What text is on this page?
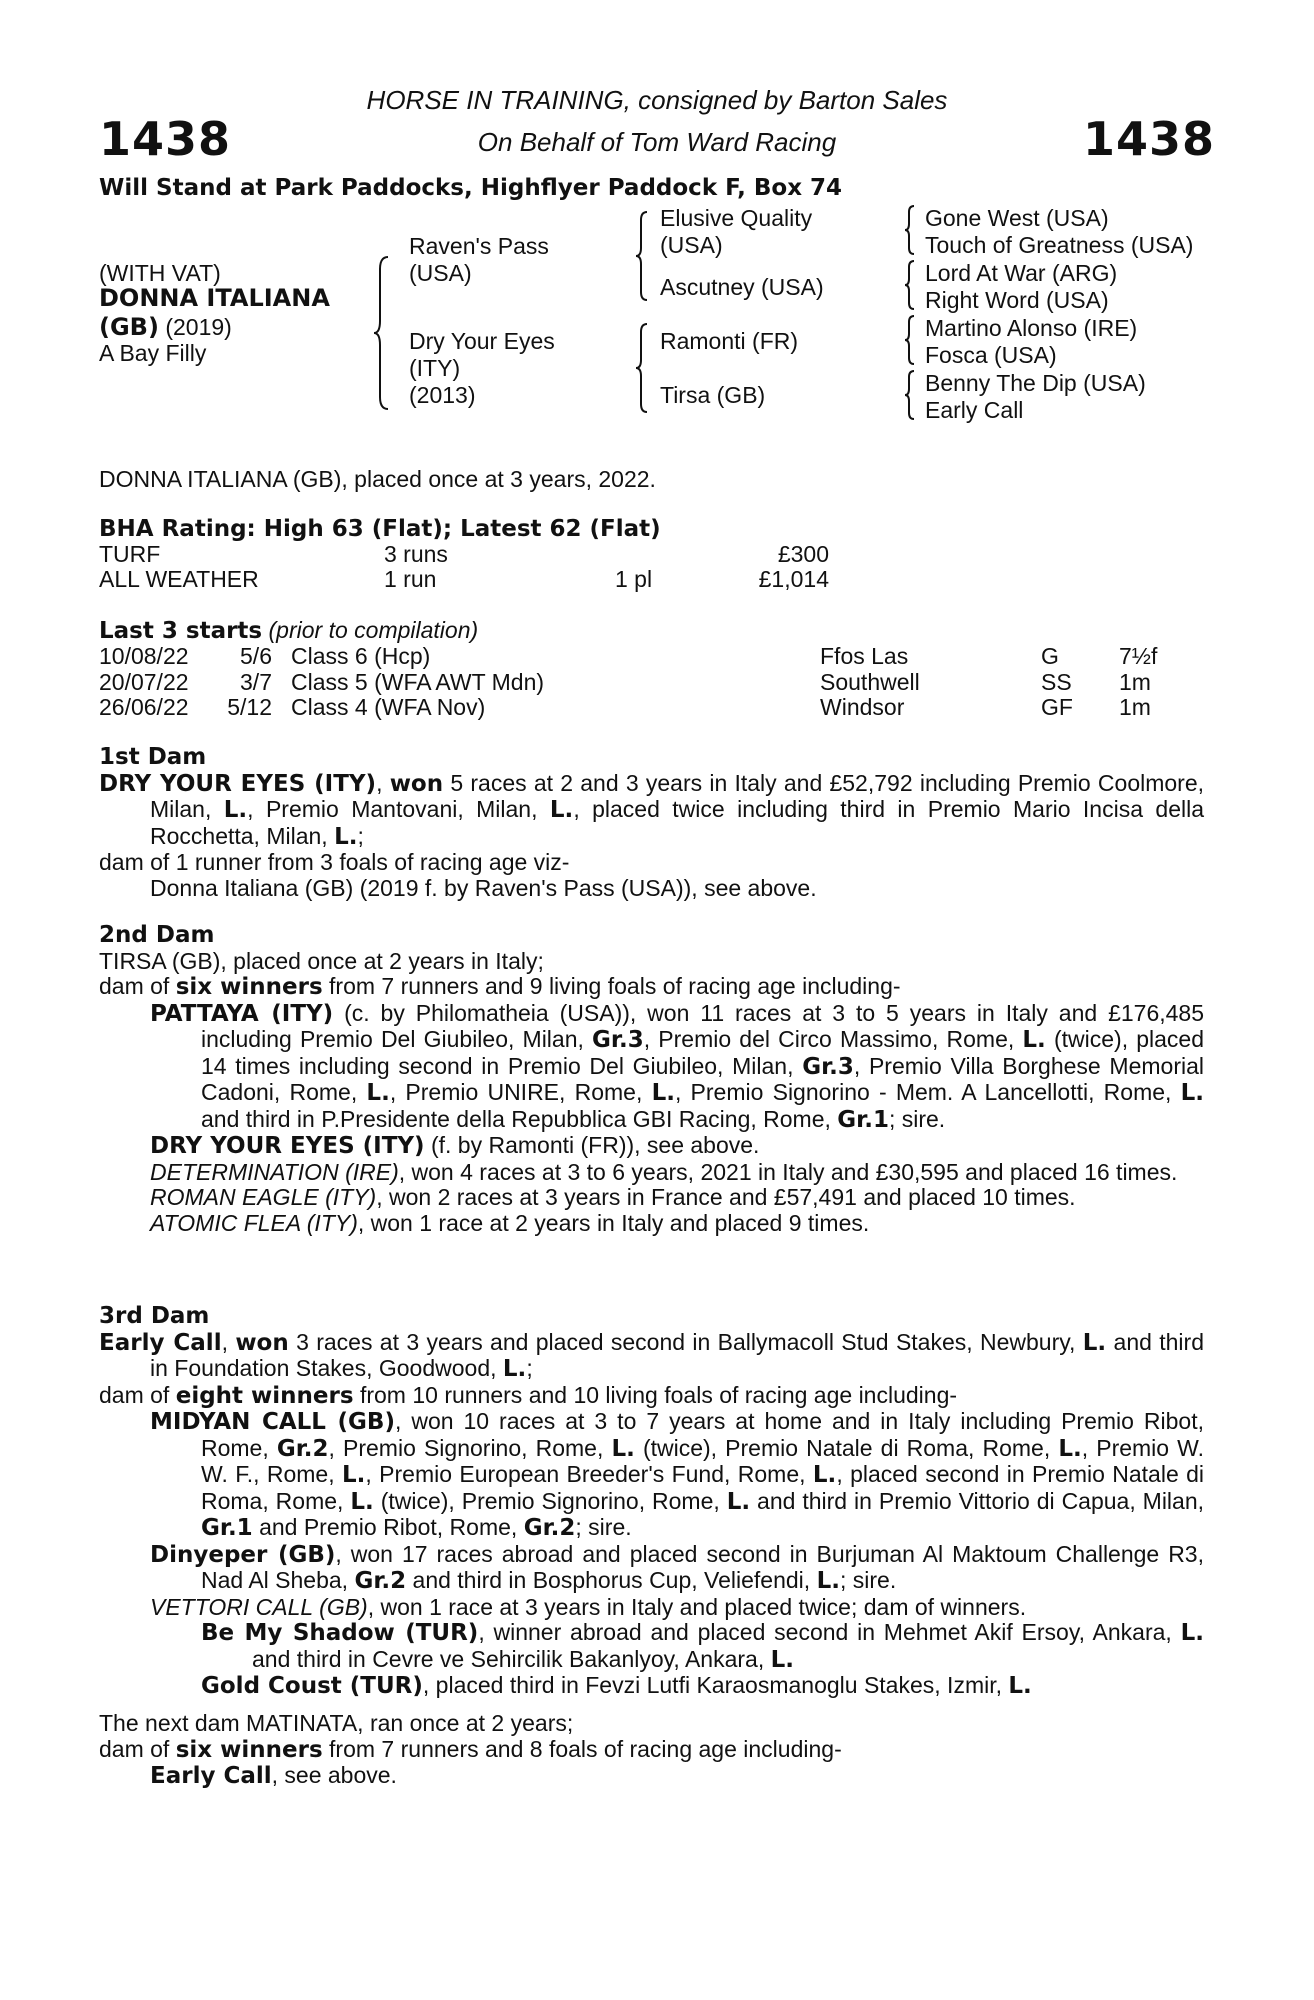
1438	1438
HORSE IN TRAINING, consigned by Barton Sales
On Behalf of Tom Ward Racing
Will Stand at Park Paddocks, Highflyer Paddock F, Box 74
(WITH VAT)
DONNA ITALIANA
(GB) (2019)
A Bay Filly
Raven's Pass
(USA)
Dry Your Eyes
(ITY)
(2013)
Elusive Quality
(USA)
Ascutney (USA)
Ramonti (FR)
Tirsa (GB)
Gone West (USA)
Touch of Greatness (USA)
Lord At War (ARG)
Right Word (USA)
Martino Alonso (IRE)
Fosca (USA)
Benny The Dip (USA)
Early Call
DONNA ITALIANA (GB), placed once at 3 years, 2022.
BHA Rating: High 63 (Flat); Latest 62 (Flat)
TURF	3 runs	£300
ALL WEATHER	1 run	1 pl	£1,014
Last 3 starts (prior to compilation)
10/08/22	5/6 Class 6 (Hcp)	Ffos Las	G	7½f
20/07/22	3/7 Class 5 (WFA AWT Mdn)	Southwell	SS 1m
26/06/22	5/12 Class 4 (WFA Nov)	Windsor	GF 1m

1st Dam

DRY YOUR EYES (ITY), won 5 races at 2 and 3 years in Italy and £52,792 including Premio Coolmore, Milan, L., Premio Mantovani, Milan, L., placed twice including third in Premio Mario Incisa della Rocchetta, Milan, L.;

dam of 1 runner from 3 foals of racing age viz-

Donna Italiana (GB) (2019 f. by Raven's Pass (USA)), see above.

2nd Dam

TIRSA (GB), placed once at 2 years in Italy;

dam of six winners from 7 runners and 9 living foals of racing age including-

PATTAYA (ITY) (c. by Philomatheia (USA)), won 11 races at 3 to 5 years in Italy and £176,485 including Premio Del Giubileo, Milan, Gr.3, Premio del Circo Massimo, Rome, L. (twice), placed 14 times including second in Premio Del Giubileo, Milan, Gr.3, Premio Villa Borghese Memorial Cadoni, Rome, L., Premio UNIRE, Rome, L., Premio Signorino - Mem. A Lancellotti, Rome, L. and third in P.Presidente della Repubblica GBI Racing, Rome, Gr.1; sire.

DRY YOUR EYES (ITY) (f. by Ramonti (FR)), see above.

DETERMINATION (IRE), won 4 races at 3 to 6 years, 2021 in Italy and £30,595 and placed 16 times.

ROMAN EAGLE (ITY), won 2 races at 3 years in France and £57,491 and placed 10 times.

ATOMIC FLEA (ITY), won 1 race at 2 years in Italy and placed 9 times.

3rd Dam

Early Call, won 3 races at 3 years and placed second in Ballymacoll Stud Stakes, Newbury, L. and third in Foundation Stakes, Goodwood, L.;

dam of eight winners from 10 runners and 10 living foals of racing age including-

MIDYAN CALL (GB), won 10 races at 3 to 7 years at home and in Italy including Premio Ribot, Rome, Gr.2, Premio Signorino, Rome, L. (twice), Premio Natale di Roma, Rome, L., Premio W. W. F., Rome, L., Premio European Breeder's Fund, Rome, L., placed second in Premio Natale di Roma, Rome, L. (twice), Premio Signorino, Rome, L. and third in Premio Vittorio di Capua, Milan, Gr.1 and Premio Ribot, Rome, Gr.2; sire.

Dinyeper (GB), won 17 races abroad and placed second in Burjuman Al Maktoum Challenge R3, Nad Al Sheba, Gr.2 and third in Bosphorus Cup, Veliefendi, L.; sire.

VETTORI CALL (GB), won 1 race at 3 years in Italy and placed twice; dam of winners.

Be My Shadow (TUR), winner abroad and placed second in Mehmet Akif Ersoy, Ankara, L. and third in Cevre ve Sehircilik Bakanlyoy, Ankara, L.

Gold Coust (TUR), placed third in Fevzi Lutfi Karaosmanoglu Stakes, Izmir, L.

The next dam MATINATA, ran once at 2 years;

dam of six winners from 7 runners and 8 foals of racing age including-

Early Call, see above.
